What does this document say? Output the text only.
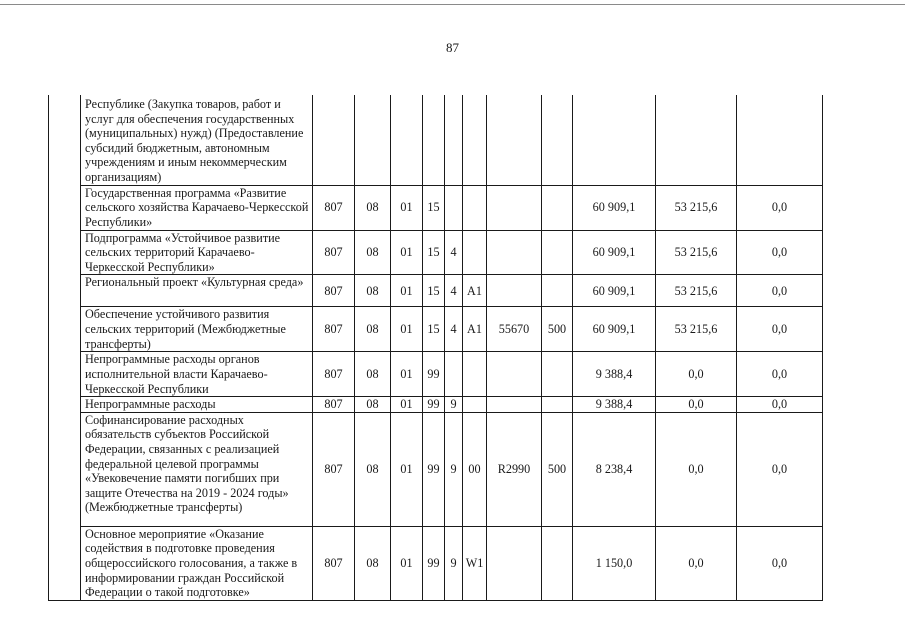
87
	Республике (Закупка товаров, работ и услуг для обеспечения государственных (муниципальных) нужд) (Предоставление субсидий бюджетным, автономным учреждениям и иным некоммерческим организациям)											
	Государственная программа «Развитие сельского хозяйства Карачаево-Черкесской Республики»	807	08	01	15					60 909,1	53 215,6	0,0
	Подпрограмма «Устойчивое развитие сельских территорий Карачаево-Черкесской Республики»	807	08	01	15	4				60 909,1	53 215,6	0,0
	Региональный проект «Культурная среда»	807	08	01	15	4	А1			60 909,1	53 215,6	0,0
	Обеспечение устойчивого развития сельских территорий (Межбюджетные трансферты)	807	08	01	15	4	А1	55670	500	60 909,1	53 215,6	0,0
	Непрограммные расходы органов исполнительной власти Карачаево-Черкесской Республики	807	08	01	99					9 388,4	0,0	0,0
	Непрограммные расходы	807	08	01	99	9				9 388,4	0,0	0,0
	Софинансирование расходных обязательств субъектов Российской Федерации, связанных с реализацией федеральной целевой программы «Увековечение памяти погибших при защите Отечества на 2019 - 2024 годы» (Межбюджетные трансферты)	807	08	01	99	9	00	R2990	500	8 238,4	0,0	0,0
	Основное мероприятие «Оказание содействия в подготовке проведения общероссийского голосования, а также в информировании граждан Российской Федерации о такой подготовке»	807	08	01	99	9	W1			1 150,0	0,0	0,0
